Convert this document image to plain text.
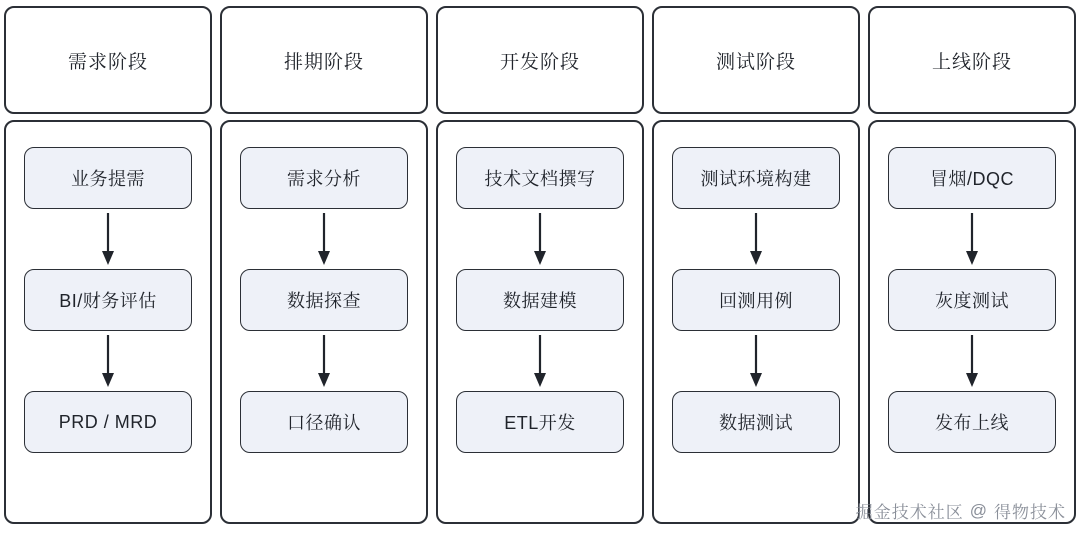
需求阶段
业务提需
BI/财务评估
PRD / MRD
排期阶段
需求分析
数据探查
口径确认
开发阶段
技术文档撰写
数据建模
ETL开发
测试阶段
测试环境构建
回测用例
数据测试
上线阶段
冒烟/DQC
灰度测试
发布上线
掘金技术社区 @ 得物技术
